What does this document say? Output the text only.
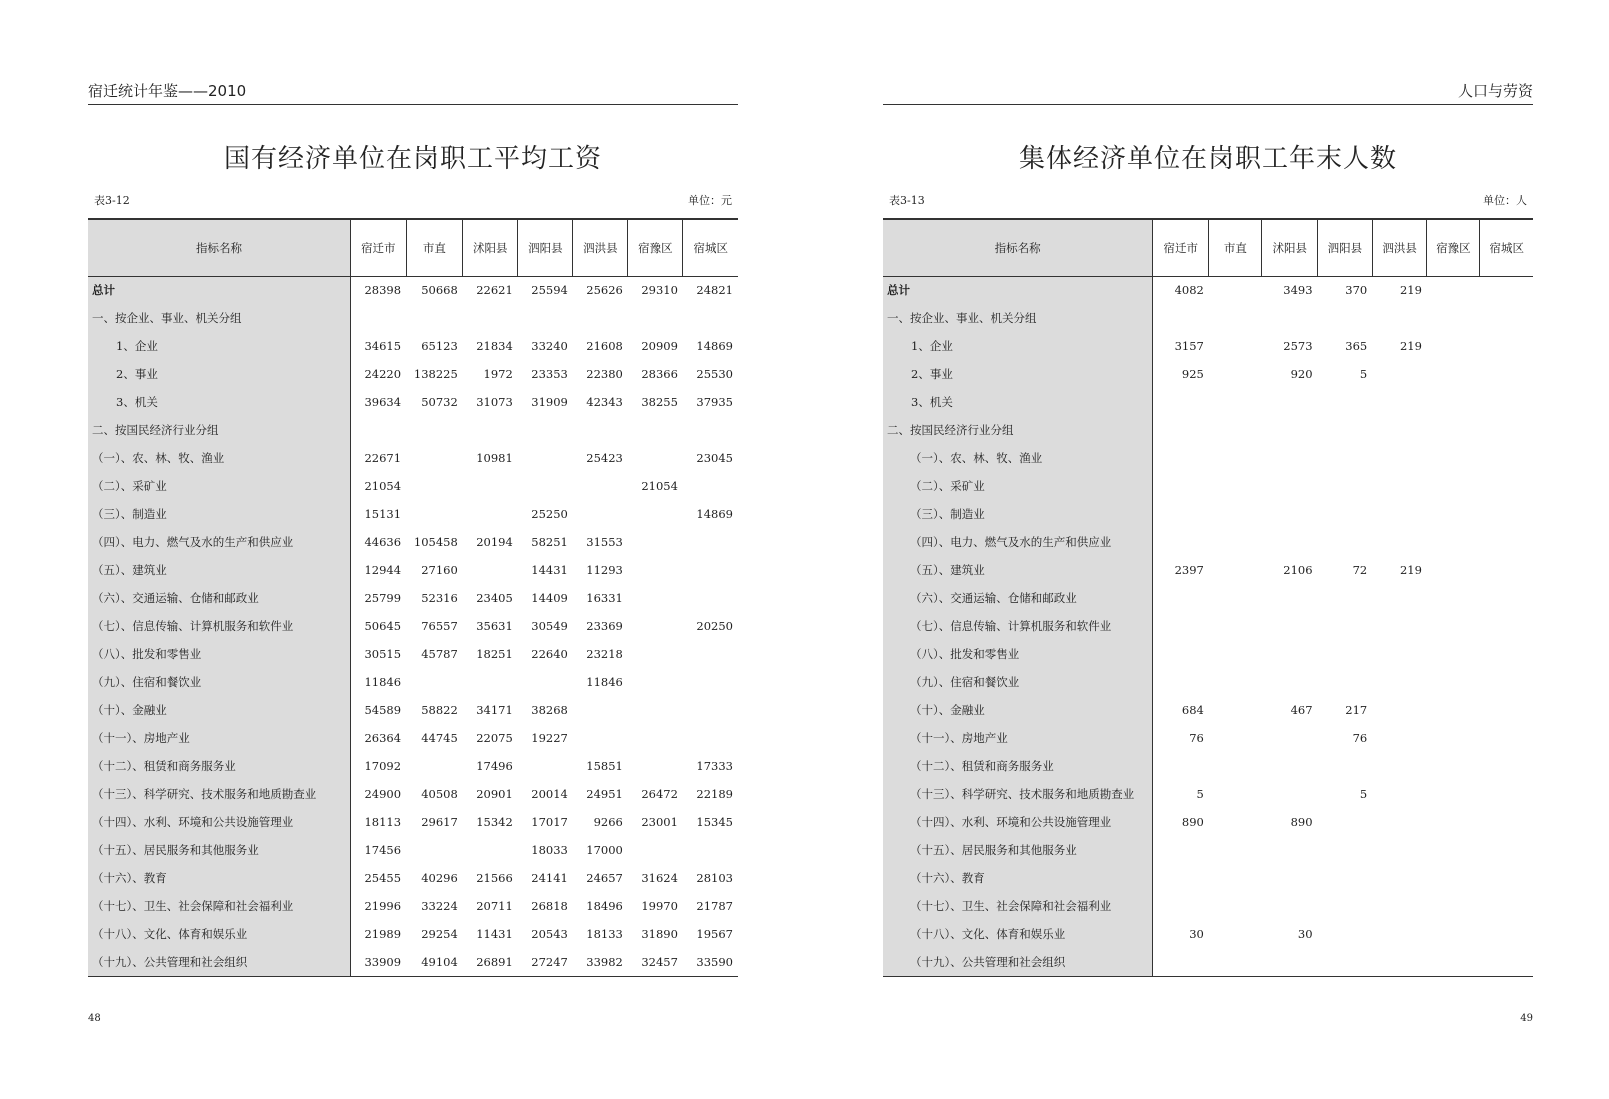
宿迁统计年鉴——2010
国有经济单位在岗职工平均工资
表3-12	单位：元
指标名称	宿迁市	市直	沭阳县	泗阳县	泗洪县	宿豫区	宿城区
总计	28398	50668	22621	25594	25626	29310	24821
一、按企业、事业、机关分组							
1、企业	34615	65123	21834	33240	21608	20909	14869
2、事业	24220	138225	1972	23353	22380	28366	25530
3、机关	39634	50732	31073	31909	42343	38255	37935
二、按国民经济行业分组							
（一）、农、林、牧、渔业	22671		10981		25423		23045
（二）、采矿业	21054					21054	
（三）、制造业	15131			25250			14869
（四）、电力、燃气及水的生产和供应业	44636	105458	20194	58251	31553		
（五）、建筑业	12944	27160		14431	11293		
（六）、交通运输、仓储和邮政业	25799	52316	23405	14409	16331		
（七）、信息传输、计算机服务和软件业	50645	76557	35631	30549	23369		20250
（八）、批发和零售业	30515	45787	18251	22640	23218		
（九）、住宿和餐饮业	11846				11846		
（十）、金融业	54589	58822	34171	38268			
（十一）、房地产业	26364	44745	22075	19227			
（十二）、租赁和商务服务业	17092		17496		15851		17333
（十三）、科学研究、技术服务和地质勘查业	24900	40508	20901	20014	24951	26472	22189
（十四）、水利、环境和公共设施管理业	18113	29617	15342	17017	9266	23001	15345
（十五）、居民服务和其他服务业	17456			18033	17000		
（十六）、教育	25455	40296	21566	24141	24657	31624	28103
（十七）、卫生、社会保障和社会福利业	21996	33224	20711	26818	18496	19970	21787
（十八）、文化、体育和娱乐业	21989	29254	11431	20543	18133	31890	19567
（十九）、公共管理和社会组织	33909	49104	26891	27247	33982	32457	33590
48
人口与劳资
集体经济单位在岗职工年末人数
表3-13	单位：人
指标名称	宿迁市	市直	沭阳县	泗阳县	泗洪县	宿豫区	宿城区
总计	4082		3493	370	219		
一、按企业、事业、机关分组							
1、企业	3157		2573	365	219		
2、事业	925		920	5			
3、机关							
二、按国民经济行业分组							
（一）、农、林、牧、渔业							
（二）、采矿业							
（三）、制造业							
（四）、电力、燃气及水的生产和供应业							
（五）、建筑业	2397		2106	72	219		
（六）、交通运输、仓储和邮政业							
（七）、信息传输、计算机服务和软件业							
（八）、批发和零售业							
（九）、住宿和餐饮业							
（十）、金融业	684		467	217			
（十一）、房地产业	76			76			
（十二）、租赁和商务服务业							
（十三）、科学研究、技术服务和地质勘查业	5			5			
（十四）、水利、环境和公共设施管理业	890		890				
（十五）、居民服务和其他服务业							
（十六）、教育							
（十七）、卫生、社会保障和社会福利业							
（十八）、文化、体育和娱乐业	30		30				
（十九）、公共管理和社会组织							
49
